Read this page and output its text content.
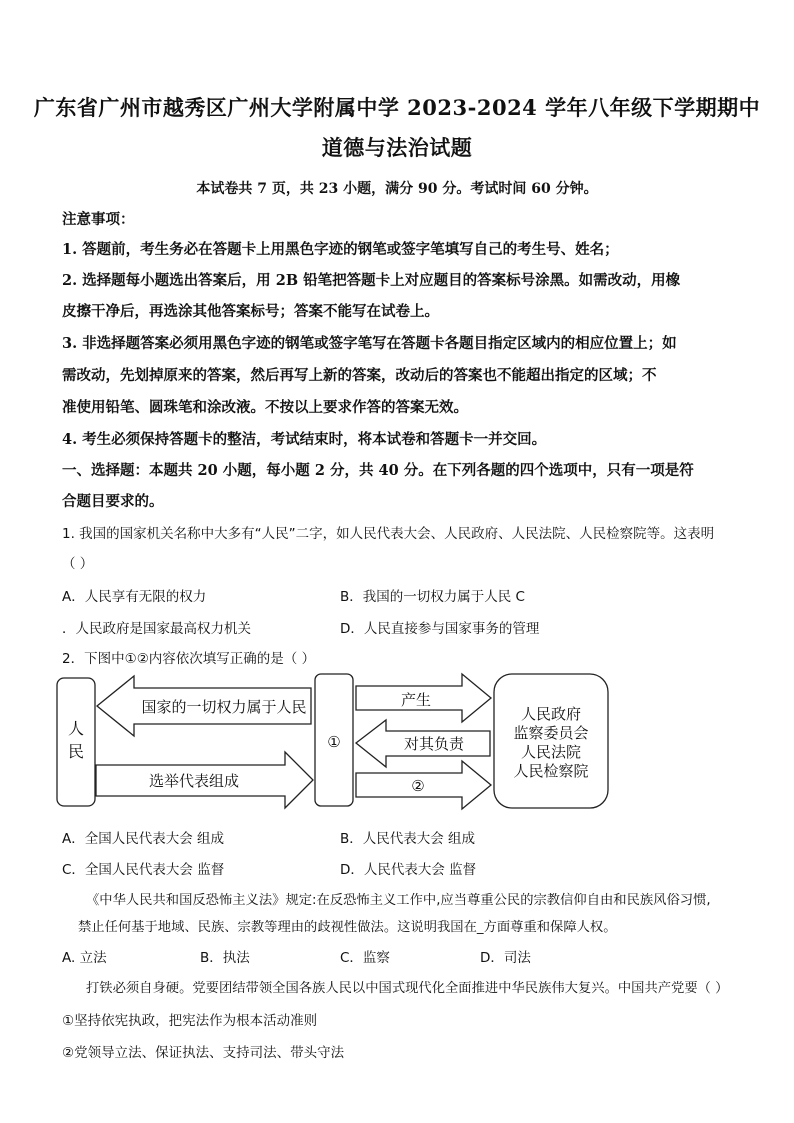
广东省广州市越秀区广州大学附属中学 2023-2024 学年八年级下学期期中
道德与法治试题
本试卷共 7 页，共 23 小题，满分 90 分。考试时间 60 分钟。
注意事项：
1. 答题前，考生务必在答题卡上用黑色字迹的钢笔或签字笔填写自己的考生号、姓名；
2. 选择题每小题选出答案后，用 2B 铅笔把答题卡上对应题目的答案标号涂黑。如需改动，用橡
皮擦干净后，再选涂其他答案标号；答案不能写在试卷上。
3. 非选择题答案必须用黑色字迹的钢笔或签字笔写在答题卡各题目指定区域内的相应位置上；如
需改动，先划掉原来的答案，然后再写上新的答案，改动后的答案也不能超出指定的区域；不
准使用铅笔、圆珠笔和涂改液。不按以上要求作答的答案无效。
4. 考生必须保持答题卡的整洁，考试结束时，将本试卷和答题卡一并交回。
一、选择题：本题共 20 小题，每小题 2 分，共 40 分。在下列各题的四个选项中，只有一项是符
合题目要求的。
1. 我国的国家机关名称中大多有“人民”二字，如人民代表大会、人民政府、人民法院、人民检察院等。这表明
（ ）
A．人民享有无限的权力	B．我国的一切权力属于人民 C
．人民政府是国家最高权力机关	D．人民直接参与国家事务的管理
2．下图中①②内容依次填写正确的是（ ）
人
民
国家的一切权力属于人民
选举代表组成
①
产生
对其负责
②
人民政府
监察委员会
人民法院
人民检察院
A．全国人民代表大会 组成	B．人民代表大会 组成
C．全国人民代表大会 监督	D．人民代表大会 监督
《中华人民共和国反恐怖主义法》规定:在反恐怖主义工作中,应当尊重公民的宗教信仰自由和民族风俗习惯,
禁止任何基于地域、民族、宗教等理由的歧视性做法。这说明我国在_方面尊重和保障人权。
A. 立法	B．执法	C．监察	D．司法
打铁必须自身硬。党要团结带领全国各族人民以中国式现代化全面推进中华民族伟大复兴。中国共产党要（ ）
①坚持依宪执政，把宪法作为根本活动准则
②党领导立法、保证执法、支持司法、带头守法
